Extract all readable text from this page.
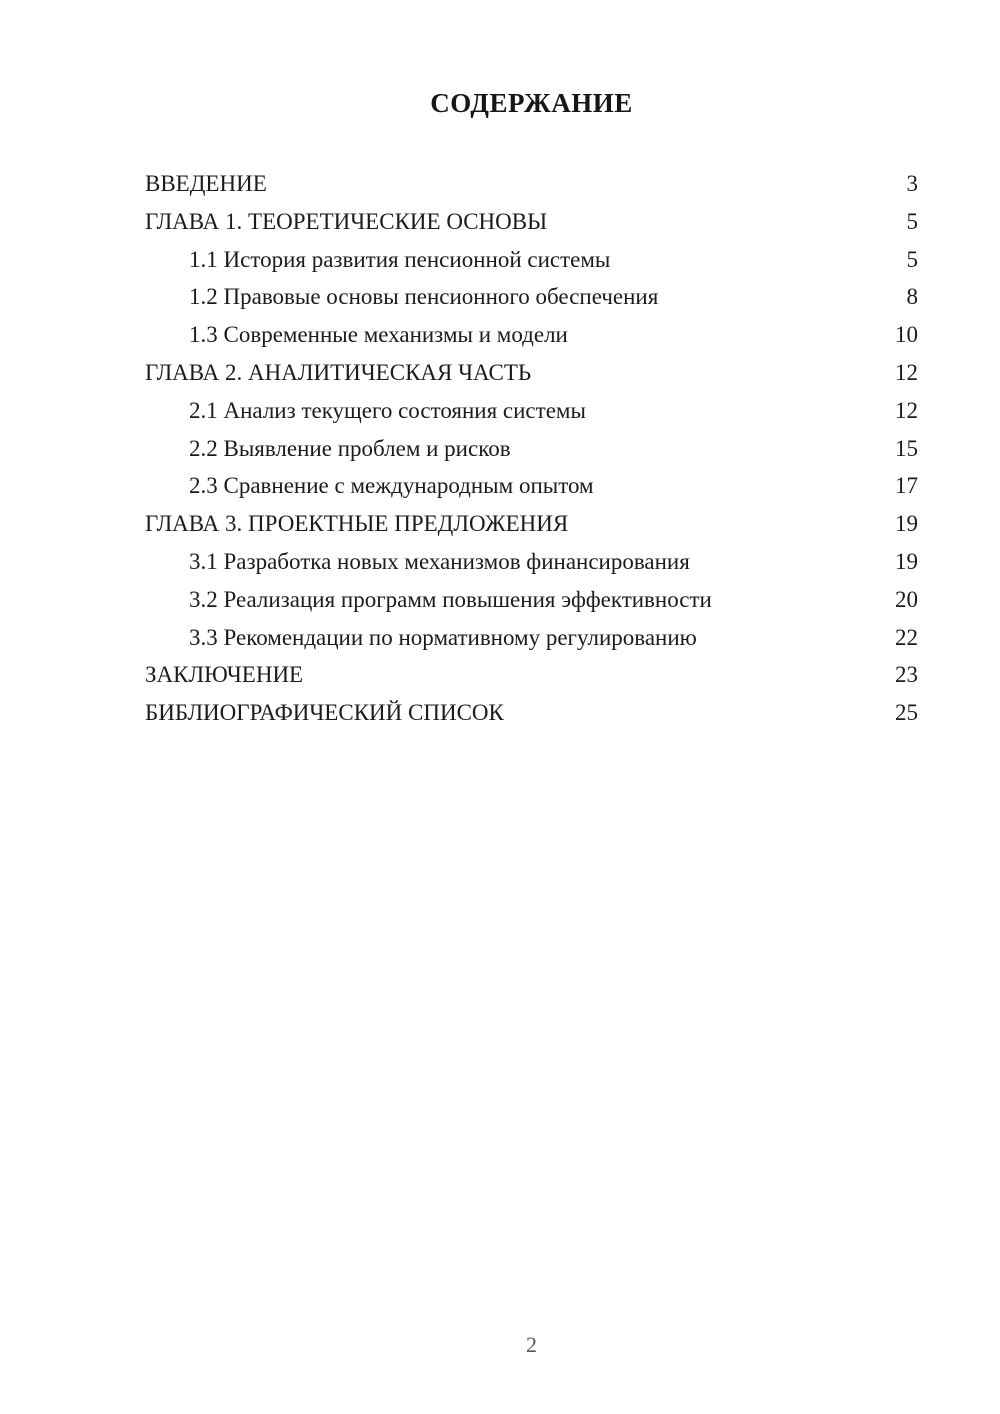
СОДЕРЖАНИЕ
ВВЕДЕНИЕ	3
ГЛАВА 1. ТЕОРЕТИЧЕСКИЕ ОСНОВЫ	5
1.1 История развития пенсионной системы	5
1.2 Правовые основы пенсионного обеспечения	8
1.3 Современные механизмы и модели	10
ГЛАВА 2. АНАЛИТИЧЕСКАЯ ЧАСТЬ	12
2.1 Анализ текущего состояния системы	12
2.2 Выявление проблем и рисков	15
2.3 Сравнение с международным опытом	17
ГЛАВА 3. ПРОЕКТНЫЕ ПРЕДЛОЖЕНИЯ	19
3.1 Разработка новых механизмов финансирования	19
3.2 Реализация программ повышения эффективности	20
3.3 Рекомендации по нормативному регулированию	22
ЗАКЛЮЧЕНИЕ	23
БИБЛИОГРАФИЧЕСКИЙ СПИСОК	25
2
